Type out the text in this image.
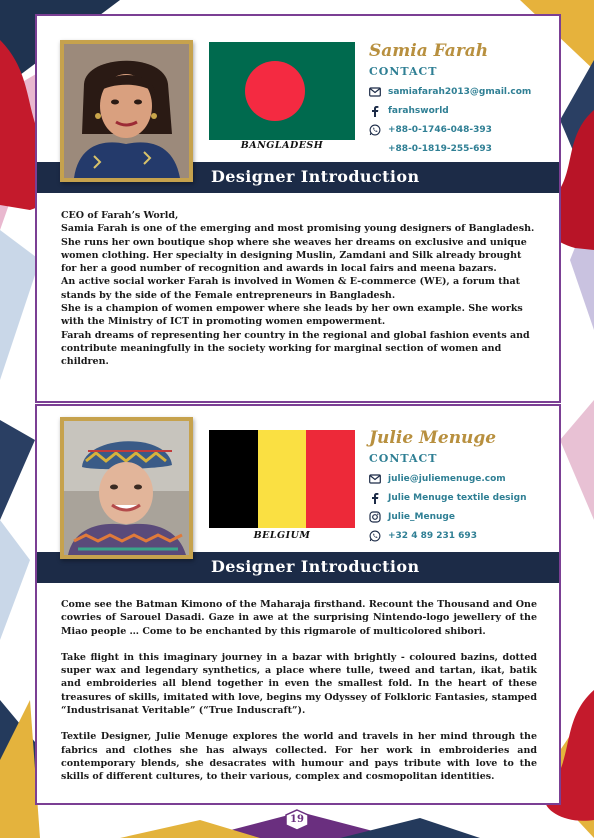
BANGLADESH
Samia Farah
CONTACT
samiafarah2013@gmail.com
farahsworld
+88-0-1746-048-393
+88-0-1819-255-693
Designer Introduction

CEO of Farah’s World,

Samia Farah is one of the emerging and most promising young designers of Bangladesh. She runs her own boutique shop where she weaves her dreams on exclusive and unique women clothing. Her specialty in designing Muslin, Zamdani and Silk already brought for her a good number of recognition and awards in local fairs and meena bazars.

An active social worker Farah is involved in Women & E-commerce (WE), a forum that stands by the side of the Female entrepreneurs in Bangladesh.

She is a champion of women empower where she leads by her own example. She works with the Ministry of ICT in promoting women empowerment.

Farah dreams of representing her country in the regional and global fashion events and contribute meaningfully in the society working for marginal section of women and children.

BELGIUM
Julie Menuge
CONTACT
julie@juliemenuge.com
Julie Menuge textile design
Julie_Menuge
+32 4 89 231 693
Designer Introduction

Come see the Batman Kimono of the Maharaja firsthand. Recount the Thousand and One cowries of Sarouel Dasadi. Gaze in awe at the surprising Nintendo-logo jewellery of the Miao people … Come to be enchanted by this rigmarole of multicolored shibori.

Take flight in this imaginary journey in a bazar with brightly - coloured bazins, dotted super wax and legendary synthetics, a place where tulle, tweed and tartan, ikat, batik and embroideries all blend together in even the smallest fold. In the heart of these treasures of skills, imitated with love, begins my Odyssey of Folkloric Fantasies, stamped “Industrisanat Veritable” (“True Induscraft”).

Textile Designer, Julie Menuge explores the world and travels in her mind through the fabrics and clothes she has always collected. For her work in embroideries and contemporary blends, she desacrates with humour and pays tribute with love to the skills of different cultures, to their various, complex and cosmopolitan identities.

19
